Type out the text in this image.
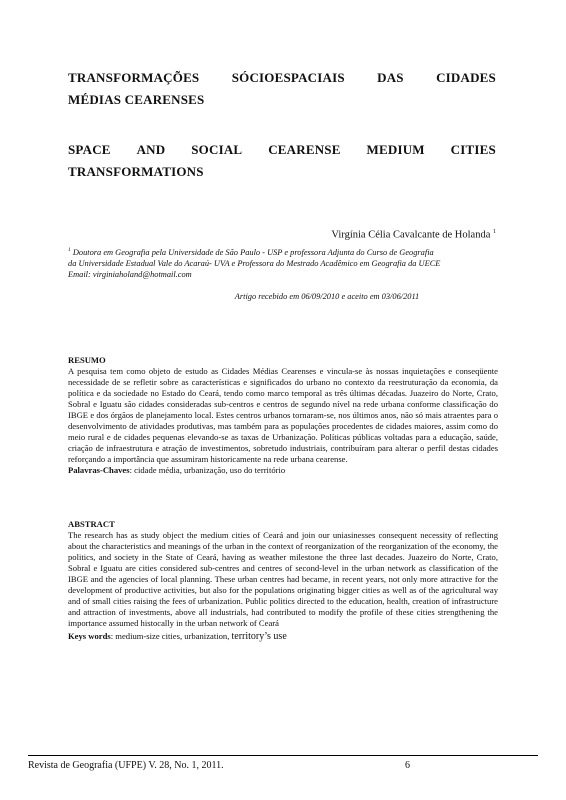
TRANSFORMAÇÕES SÓCIOESPACIAIS DAS CIDADES
MÉDIAS CEARENSES
SPACE AND SOCIAL CEARENSE MEDIUM CITIES
TRANSFORMATIONS
Virgínia Célia Cavalcante de Holanda $^1$
$^1$ Doutora em Geografia pela Universidade de São Paulo - USP e professora Adjunta do Curso de Geografia
da Universidade Estadual Vale do Acaraú- UVA e Professora do Mestrado Acadêmico em Geografia da UECE
Email: virginiaholand@hotmail.com
Artigo recebido em 06/09/2010 e aceito em 03/06/2011
RESUMO
A pesquisa tem como objeto de estudo as Cidades Médias Cearenses e vincula-se às nossas inquietações e conseqüente necessidade de se refletir sobre as características e significados do urbano no contexto da reestruturação da economia, da política e da sociedade no Estado do Ceará, tendo como marco temporal as três últimas décadas. Juazeiro do Norte, Crato, Sobral e Iguatu são cidades consideradas sub-centros e centros de segundo nível na rede urbana conforme classificação do IBGE e dos órgãos de planejamento local. Estes centros urbanos tornaram-se, nos últimos anos, não só mais atraentes para o desenvolvimento de atividades produtivas, mas também para as populações procedentes de cidades maiores, assim como do meio rural e de cidades pequenas elevando-se as taxas de Urbanização. Políticas públicas voltadas para a educação, saúde, criação de infraestrutura e atração de investimentos, sobretudo industriais, contribuíram para alterar o perfil destas cidades reforçando a importância que assumiram historicamente na rede urbana cearense.
Palavras-Chaves: cidade média, urbanização, uso do território
ABSTRACT
The research has as study object the medium cities of Ceará and join our uniasinesses consequent necessity of reflecting about the characteristics and meanings of the urban in the context of reorganization of the reorganization of the economy, the politics, and society in the State of Ceará, having as weather milestone the three last decades. Juazeiro do Norte, Crato, Sobral e Iguatu are cities considered sub-centres and centres of second-level in the urban network as classification of the IBGE and the agencies of local planning. These urban centres had became, in recent years, not only more attractive for the development of productive activities, but also for the populations originating bigger cities as well as of the agricultural way and of small cities raising the fees of urbanization. Public politics directed to the education, health, creation of infrastructure and attraction of investments, above all industrials, had contributed to modify the profile of these cities strengthening the importance assumed histocally in the urban network of Ceará
Keys words: medium-size cities, urbanization, territory’s use
Revista de Geografia (UFPE) V. 28, No. 1, 2011.	6
